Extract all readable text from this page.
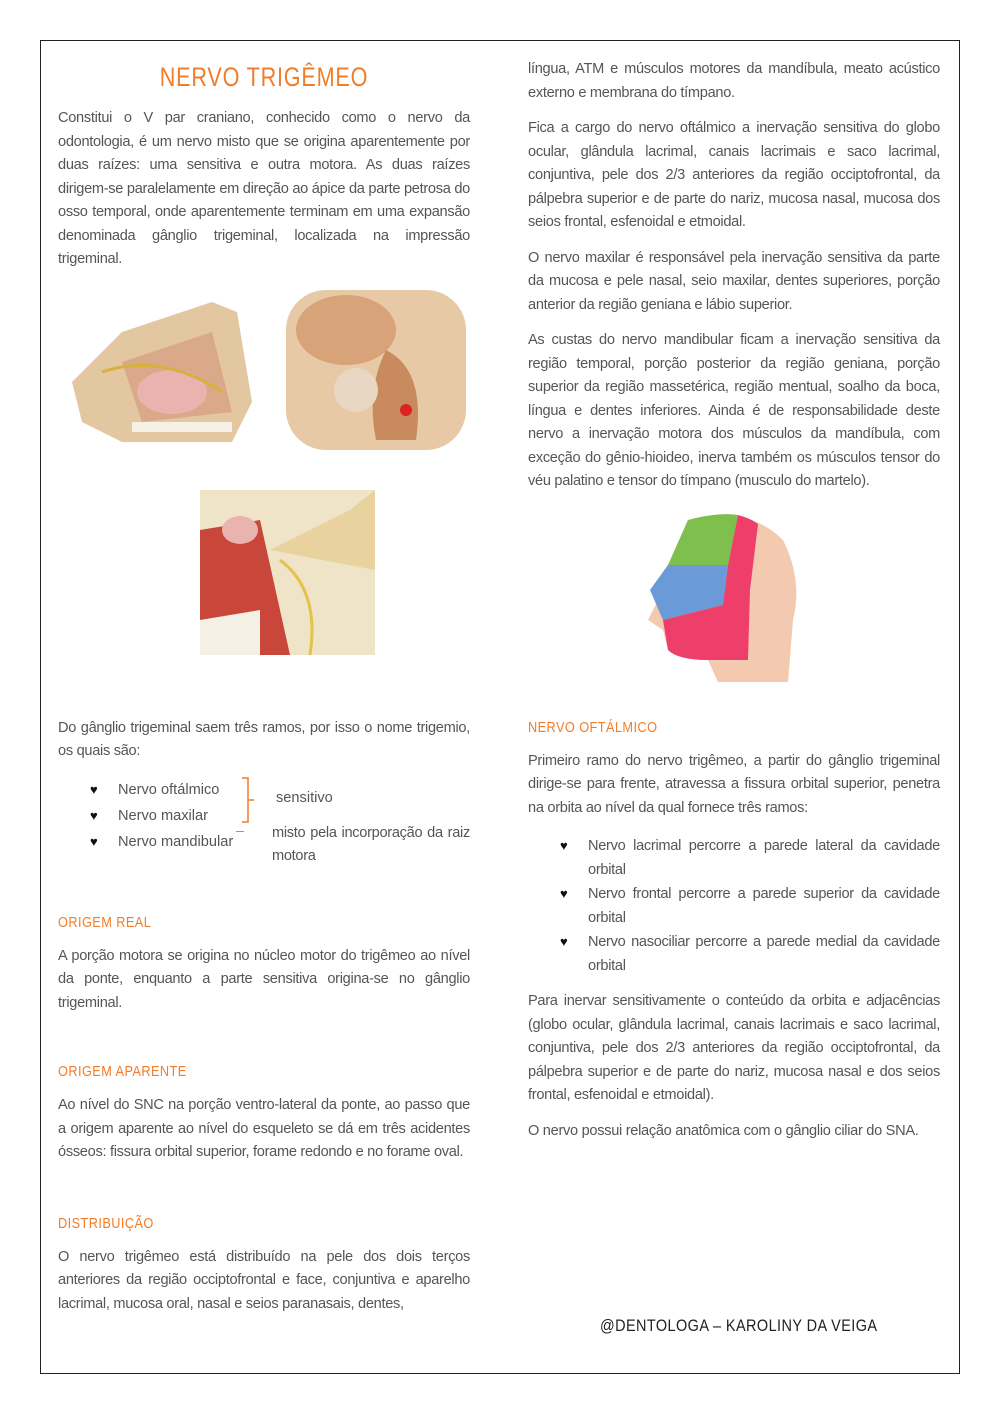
NERVO TRIGÊMEO

Constitui o V par craniano, conhecido como o nervo da odontologia, é um nervo misto que se origina aparentemente por duas raízes: uma sensitiva e outra motora. As duas raízes dirigem-se paralelamente em direção ao ápice da parte petrosa do osso temporal, onde aparentemente terminam em uma expansão denominada gânglio trigeminal, localizada na impressão trigeminal.

Do gânglio trigeminal saem três ramos, por isso o nome trigemio, os quais são:

♥ Nervo oftálmico
♥ Nervo maxilar
♥ Nervo mandibular
sensitivo

misto pela incorporação da raiz motora

ORIGEM REAL

A porção motora se origina no núcleo motor do trigêmeo ao nível da ponte, enquanto a parte sensitiva origina-se no gânglio trigeminal.

ORIGEM APARENTE

Ao nível do SNC na porção ventro-lateral da ponte, ao passo que a origem aparente ao nível do esqueleto se dá em três acidentes ósseos: fissura orbital superior, forame redondo e no forame oval.

DISTRIBUIÇÃO

O nervo trigêmeo está distribuído na pele dos dois terços anteriores da região occiptofrontal e face, conjuntiva e aparelho lacrimal, mucosa oral, nasal e seios paranasais, dentes,

língua, ATM e músculos motores da mandíbula, meato acústico externo e membrana do tímpano.

Fica a cargo do nervo oftálmico a inervação sensitiva do globo ocular, glândula lacrimal, canais lacrimais e saco lacrimal, conjuntiva, pele dos 2/3 anteriores da região occiptofrontal, da pálpebra superior e de parte do nariz, mucosa nasal, mucosa dos seios frontal, esfenoidal e etmoidal.

O nervo maxilar é responsável pela inervação sensitiva da parte da mucosa e pele nasal, seio maxilar, dentes superiores, porção anterior da região geniana e lábio superior.

As custas do nervo mandibular ficam a inervação sensitiva da região temporal, porção posterior da região geniana, porção superior da região massetérica, região mentual, soalho da boca, língua e dentes inferiores. Ainda é de responsabilidade deste nervo a inervação motora dos músculos da mandíbula, com exceção do gênio-hioideo, inerva também os músculos tensor do véu palatino e tensor do tímpano (musculo do martelo).

NERVO OFTÁLMICO

Primeiro ramo do nervo trigêmeo, a partir do gânglio trigeminal dirige-se para frente, atravessa a fissura orbital superior, penetra na orbita ao nível da qual fornece três ramos:

♥ Nervo lacrimal percorre a parede lateral da cavidade orbital
♥ Nervo frontal percorre a parede superior da cavidade orbital
♥ Nervo nasociliar percorre a parede medial da cavidade orbital

Para inervar sensitivamente o conteúdo da orbita e adjacências (globo ocular, glândula lacrimal, canais lacrimais e saco lacrimal, conjuntiva, pele dos 2/3 anteriores da região occiptofrontal, da pálpebra superior e de parte do nariz, mucosa nasal e dos seios frontal, esfenoidal e etmoidal).

O nervo possui relação anatômica com o gânglio ciliar do SNA.

@DENTOLOGA – KAROLINY DA VEIGA
